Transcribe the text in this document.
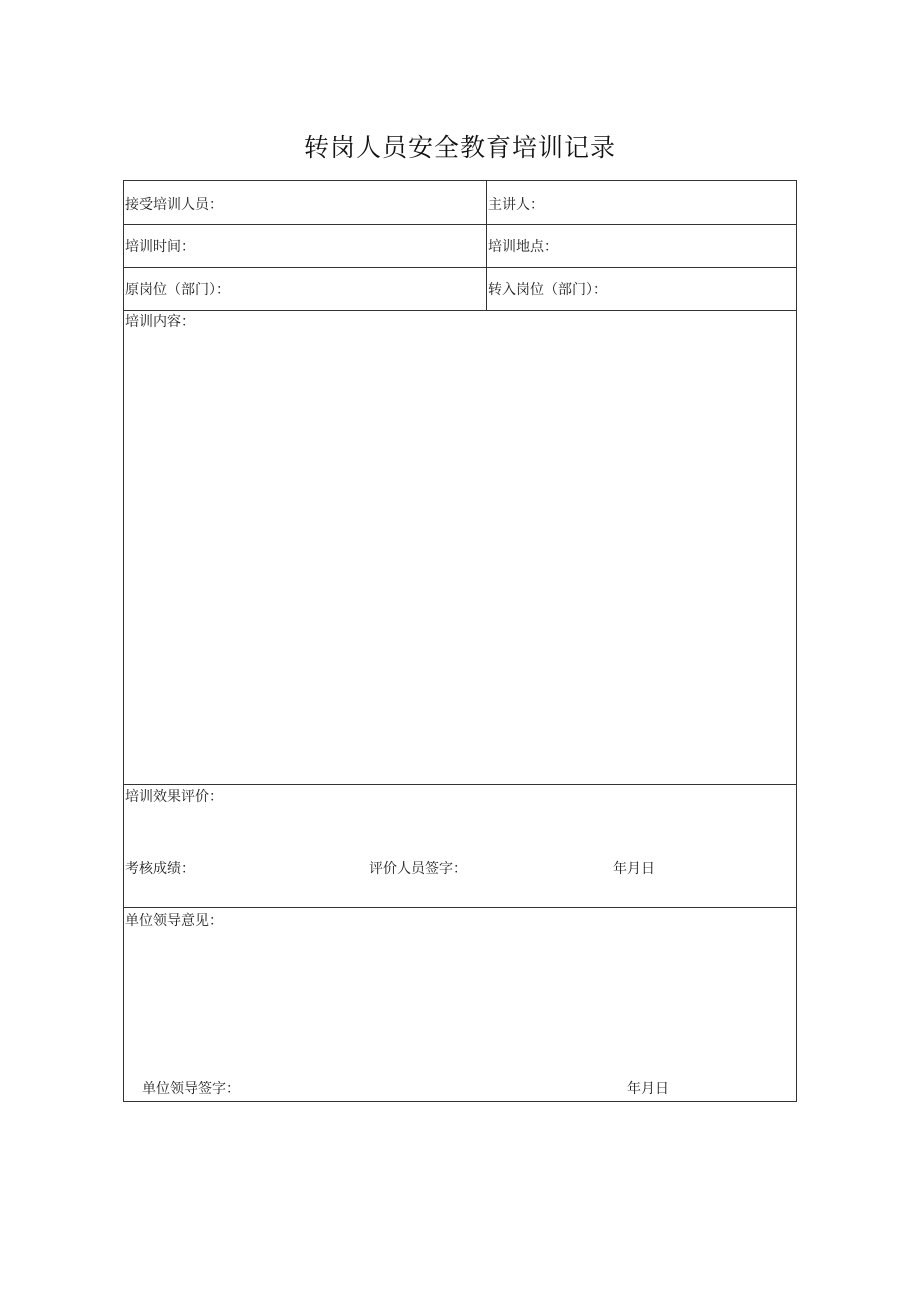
转岗人员安全教育培训记录
接受培训人员：	主讲人：
培训时间：	培训地点：
原岗位（部门）：	转入岗位（部门）：
培训内容：
培训效果评价：
考核成绩：	评价人员签字：	年月日
单位领导意见：
单位领导签字：	年月日
